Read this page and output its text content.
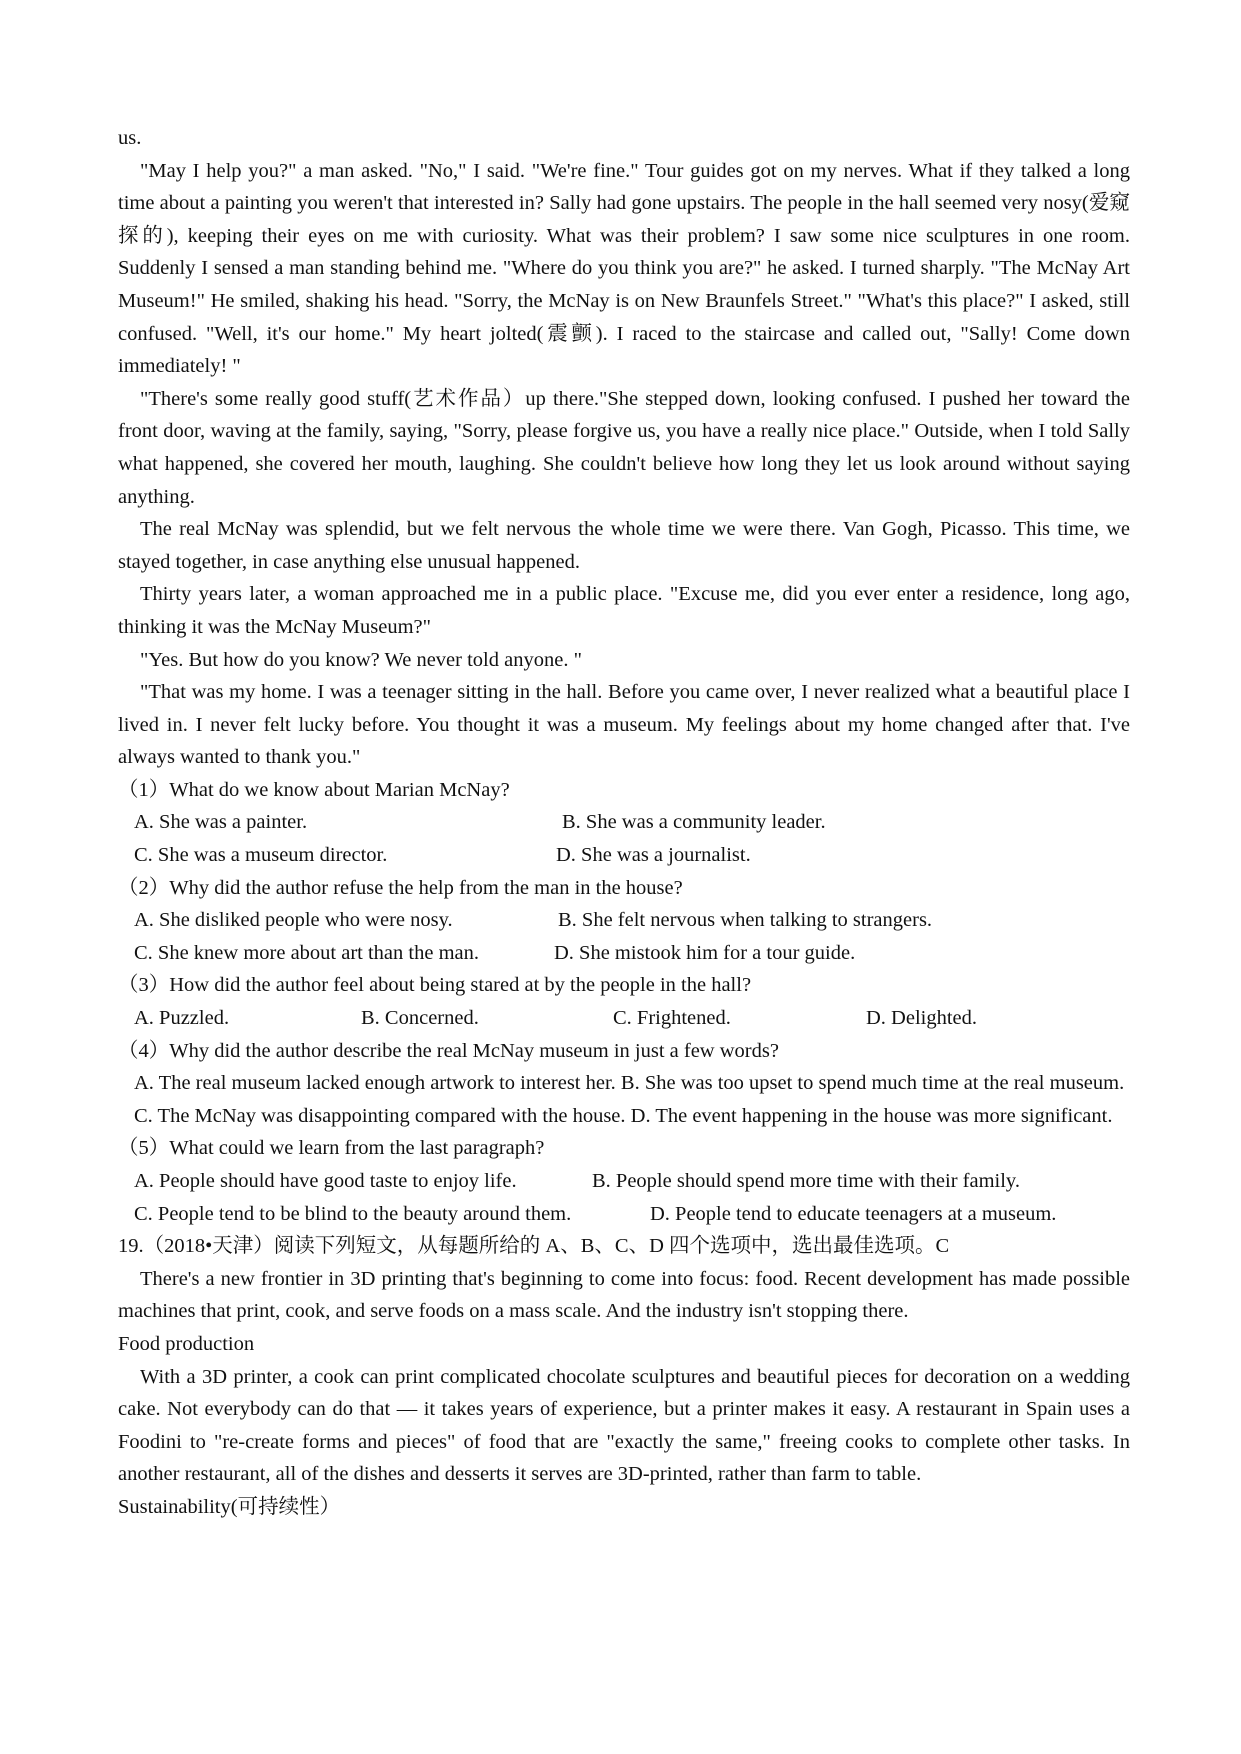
us.

"May I help you?" a man asked. "No," I said. "We're fine." Tour guides got on my nerves. What if they talked a long time about a painting you weren't that interested in? Sally had gone upstairs. The people in the hall seemed very nosy(爱窥探的), keeping their eyes on me with curiosity. What was their problem? I saw some nice sculptures in one room. Suddenly I sensed a man standing behind me. "Where do you think you are?" he asked. I turned sharply. "The McNay Art Museum!" He smiled, shaking his head. "Sorry, the McNay is on New Braunfels Street." "What's this place?" I asked, still confused. "Well, it's our home." My heart jolted(震颤). I raced to the staircase and called out, "Sally! Come down immediately! "

"There's some really good stuff(艺术作品）up there."She stepped down, looking confused. I pushed her toward the front door, waving at the family, saying, "Sorry, please forgive us, you have a really nice place." Outside, when I told Sally what happened, she covered her mouth, laughing. She couldn't believe how long they let us look around without saying anything.

The real McNay was splendid, but we felt nervous the whole time we were there. Van Gogh, Picasso. This time, we stayed together, in case anything else unusual happened.

Thirty years later, a woman approached me in a public place. "Excuse me, did you ever enter a residence, long ago, thinking it was the McNay Museum?"

"Yes. But how do you know? We never told anyone. "

"That was my home. I was a teenager sitting in the hall. Before you came over, I never realized what a beautiful place I lived in. I never felt lucky before. You thought it was a museum. My feelings about my home changed after that. I've always wanted to thank you."

（1）What do we know about Marian McNay?

A. She was a painter.	B. She was a community leader.
C. She was a museum director.	D. She was a journalist.

（2）Why did the author refuse the help from the man in the house?

A. She disliked people who were nosy.	B. She felt nervous when talking to strangers.
C. She knew more about art than the man.	D. She mistook him for a tour guide.

（3）How did the author feel about being stared at by the people in the hall?

A. Puzzled.	B. Concerned.	C. Frightened.	D. Delighted.

（4）Why did the author describe the real McNay museum in just a few words?

A. The real museum lacked enough artwork to interest her. B. She was too upset to spend much time at the real museum.

C. The McNay was disappointing compared with the house. D. The event happening in the house was more significant.

（5）What could we learn from the last paragraph?

A. People should have good taste to enjoy life.	B. People should spend more time with their family.
C. People tend to be blind to the beauty around them.	D. People tend to educate teenagers at a museum.

19.（2018•天津）阅读下列短文，从每题所给的 A、B、C、D 四个选项中，选出最佳选项。C

There's a new frontier in 3D printing that's beginning to come into focus: food. Recent development has made possible machines that print, cook, and serve foods on a mass scale. And the industry isn't stopping there.

Food production

With a 3D printer, a cook can print complicated chocolate sculptures and beautiful pieces for decoration on a wedding cake. Not everybody can do that — it takes years of experience, but a printer makes it easy. A restaurant in Spain uses a Foodini to "re-create forms and pieces" of food that are "exactly the same," freeing cooks to complete other tasks. In another restaurant, all of the dishes and desserts it serves are 3D-printed, rather than farm to table.

Sustainability(可持续性）
